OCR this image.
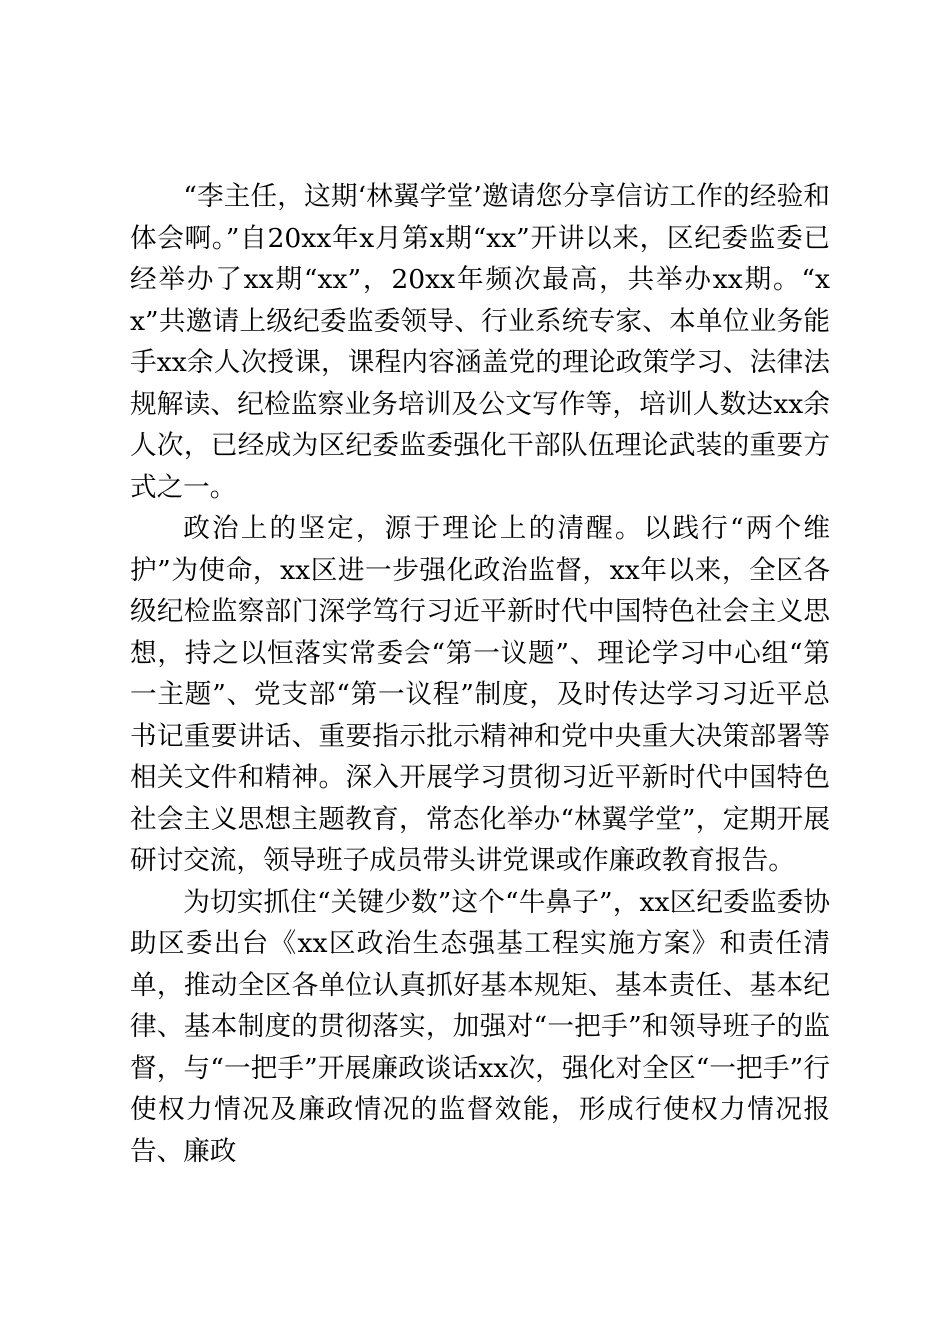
“李主任，这期‘林翼学堂’邀请您分享信访工作的经验和体会啊。”自20xx年x月第x期“xx”开讲以来，区纪委监委已经举办了xx期“xx”，20xx年频次最高，共举办xx期。“xx”共邀请上级纪委监委领导、行业系统专家、本单位业务能手xx余人次授课，课程内容涵盖党的理论政策学习、法律法规解读、纪检监察业务培训及公文写作等，培训人数达xx余人次，已经成为区纪委监委强化干部队伍理论武装的重要方式之一。

政治上的坚定，源于理论上的清醒。以践行“两个维护”为使命，xx区进一步强化政治监督，xx年以来，全区各级纪检监察部门深学笃行习近平新时代中国特色社会主义思想，持之以恒落实常委会“第一议题”、理论学习中心组“第一主题”、党支部“第一议程”制度，及时传达学习习近平总书记重要讲话、重要指示批示精神和党中央重大决策部署等相关文件和精神。深入开展学习贯彻习近平新时代中国特色社会主义思想主题教育，常态化举办“林翼学堂”，定期开展研讨交流，领导班子成员带头讲党课或作廉政教育报告。

为切实抓住“关键少数”这个“牛鼻子”，xx区纪委监委协助区委出台《xx区政治生态强基工程实施方案》和责任清单，推动全区各单位认真抓好基本规矩、基本责任、基本纪律、基本制度的贯彻落实，加强对“一把手”和领导班子的监督，与“一把手”开展廉政谈话xx次，强化对全区“一把手”行使权力情况及廉政情况的监督效能，形成行使权力情况报告、廉政
